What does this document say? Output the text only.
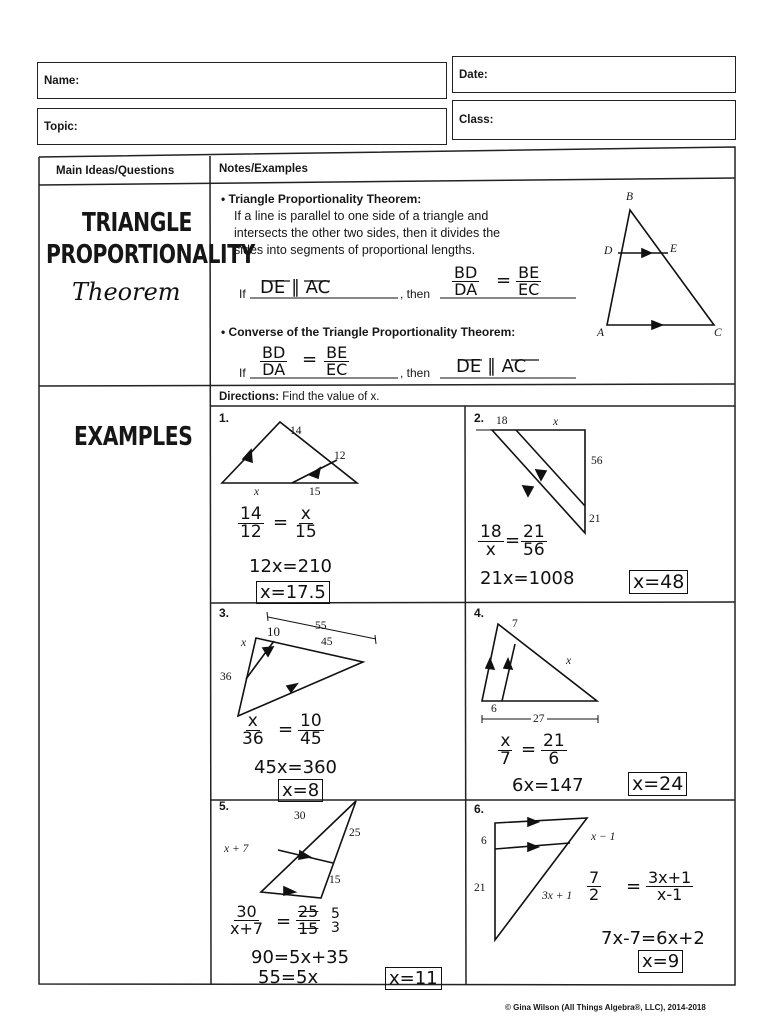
Name:	Date:
Topic:
Class:
Main Ideas/Questions	Notes/Examples
TRIANGLE
PROPORTIONALITY
Theorem
• Triangle Proportionality Theorem:
If a line is parallel to one side of a triangle and
intersects the other two sides, then it divides the
sides into segments of proportional lengths.
If DE ∥ AC	, then $\frac{BD}{DA} = \frac{BE}{EC}$
• Converse of the Triangle Proportionality Theorem:
If $\frac{BD}{DA} = \frac{BE}{EC}$	, then DE ∥ AC
B
D	E
A	C
EXAMPLES
Directions: Find the value of x.
1.
14
12
x	15
$\frac{14}{12} = \frac{x}{15}$
12x=210
x=17.5
2. 18	x
56
21
$\frac{18}{x} = \frac{21}{56}$
21x=1008	x=48
3.
55
10
x	45
36
$\frac{x}{36} = \frac{10}{45}$
45x=360
x=8
4.
7
x
6
27
$\frac{x}{7} = \frac{21}{6}$
6x=147	x=24
5.
30
25
x + 7
15
$\frac{30}{x+7} = \frac{25}{15} 5$
3
90=5x+35
55=5x	x=11
6.
6	x − 1
21
$3x + 1 \frac{7}{2} = \frac{3x+1}{x-1}$
7x-7=6x+2
x=9
© Gina Wilson (All Things Algebra®, LLC), 2014-2018
